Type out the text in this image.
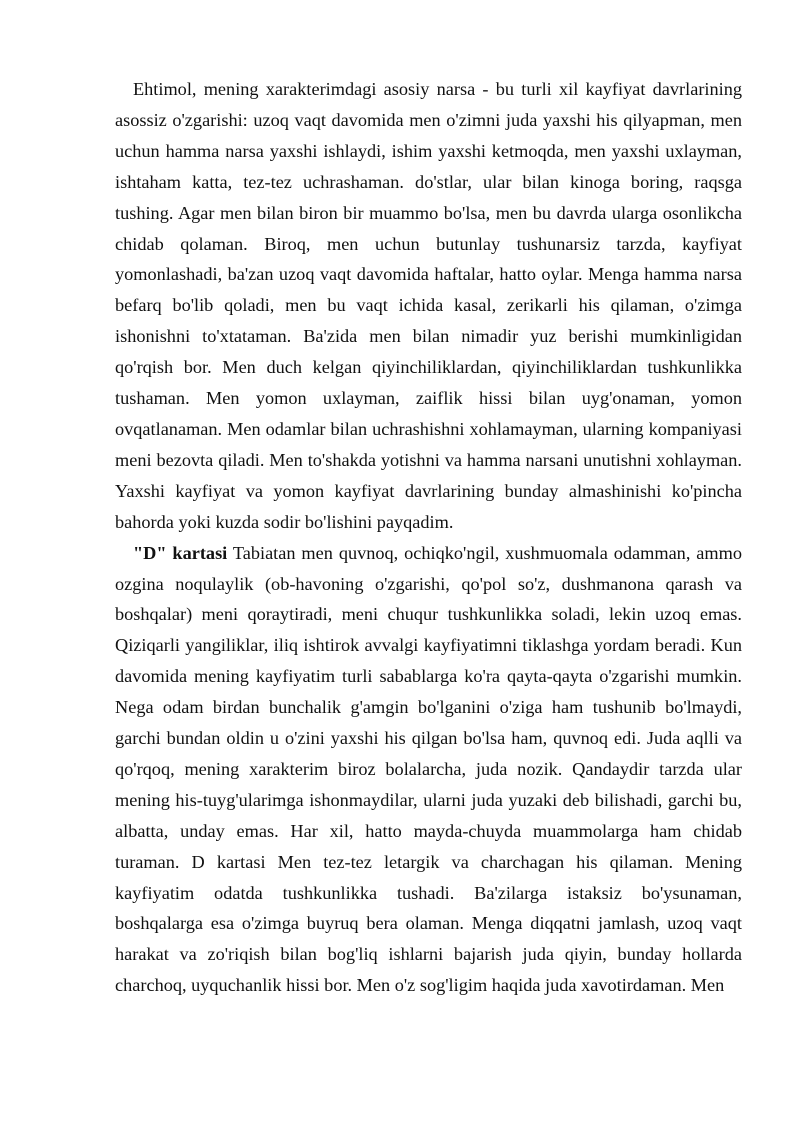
Ehtimol, mening xarakterimdagi asosiy narsa - bu turli xil kayfiyat davrlarining asossiz o'zgarishi: uzoq vaqt davomida men o'zimni juda yaxshi his qilyapman, men uchun hamma narsa yaxshi ishlaydi, ishim yaxshi ketmoqda, men yaxshi uxlayman, ishtaham katta, tez-tez uchrashaman. do'stlar, ular bilan kinoga boring, raqsga tushing. Agar men bilan biron bir muammo bo'lsa, men bu davrda ularga osonlikcha chidab qolaman. Biroq, men uchun butunlay tushunarsiz tarzda, kayfiyat yomonlashadi, ba'zan uzoq vaqt davomida haftalar, hatto oylar. Menga hamma narsa befarq bo'lib qoladi, men bu vaqt ichida kasal, zerikarli his qilaman, o'zimga ishonishni to'xtataman. Ba'zida men bilan nimadir yuz berishi mumkinligidan qo'rqish bor. Men duch kelgan qiyinchiliklardan, qiyinchiliklardan tushkunlikka tushaman. Men yomon uxlayman, zaiflik hissi bilan uyg'onaman, yomon ovqatlanaman. Men odamlar bilan uchrashishni xohlamayman, ularning kompaniyasi meni bezovta qiladi. Men to'shakda yotishni va hamma narsani unutishni xohlayman. Yaxshi kayfiyat va yomon kayfiyat davrlarining bunday almashinishi ko'pincha bahorda yoki kuzda sodir bo'lishini payqadim.

"D" kartasi Tabiatan men quvnoq, ochiqko'ngil, xushmuomala odamman, ammo ozgina noqulaylik (ob-havoning o'zgarishi, qo'pol so'z, dushmanona qarash va boshqalar) meni qoraytiradi, meni chuqur tushkunlikka soladi, lekin uzoq emas. Qiziqarli yangiliklar, iliq ishtirok avvalgi kayfiyatimni tiklashga yordam beradi. Kun davomida mening kayfiyatim turli sabablarga ko'ra qayta-qayta o'zgarishi mumkin. Nega odam birdan bunchalik g'amgin bo'lganini o'ziga ham tushunib bo'lmaydi, garchi bundan oldin u o'zini yaxshi his qilgan bo'lsa ham, quvnoq edi. Juda aqlli va qo'rqoq, mening xarakterim biroz bolalarcha, juda nozik. Qandaydir tarzda ular mening his-tuyg'ularimga ishonmaydilar, ularni juda yuzaki deb bilishadi, garchi bu, albatta, unday emas. Har xil, hatto mayda-chuyda muammolarga ham chidab turaman. D kartasi Men tez-tez letargik va charchagan his qilaman. Mening kayfiyatim odatda tushkunlikka tushadi. Ba'zilarga istaksiz bo'ysunaman, boshqalarga esa o'zimga buyruq bera olaman. Menga diqqatni jamlash, uzoq vaqt harakat va zo'riqish bilan bog'liq ishlarni bajarish juda qiyin, bunday hollarda charchoq, uyquchanlik hissi bor. Men o'z sog'ligim haqida juda xavotirdaman. Men
